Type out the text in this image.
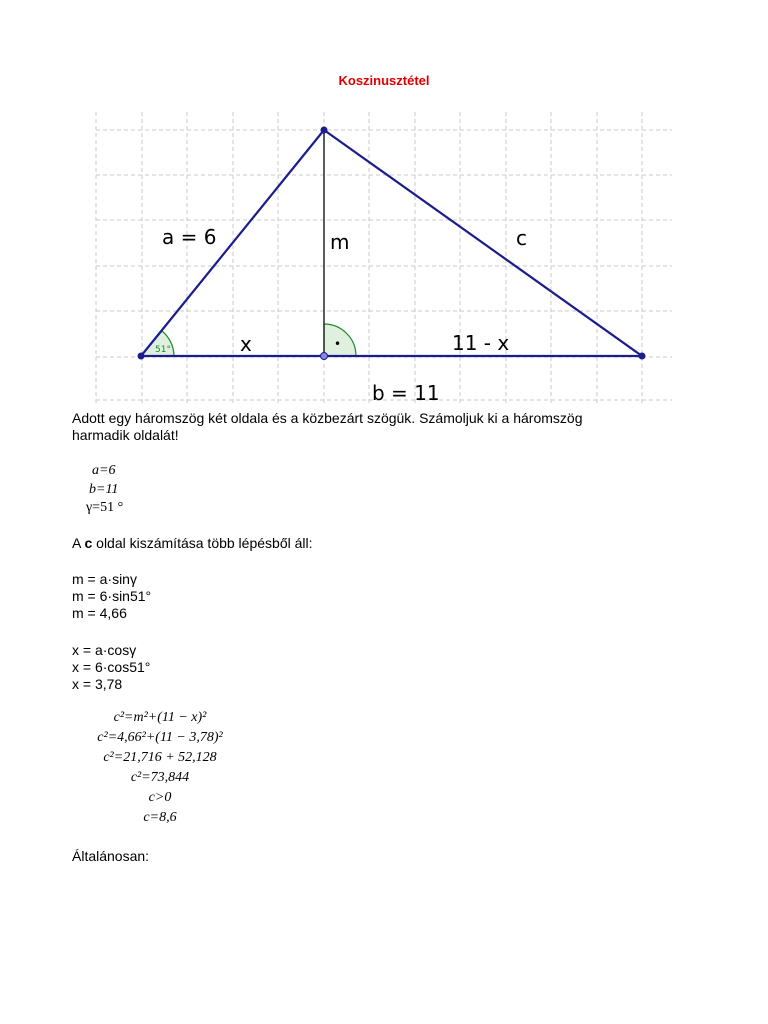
Koszinusztétel
a = 6	m	c
x	11 - x
b = 11
51°	•
Adott egy háromszög két oldala és a közbezárt szögük. Számoljuk ki a háromszög
harmadik oldalát!
a=6
b=11
γ=51 °
A c oldal kiszámítása több lépésből áll:
m = a·sinγ
m = 6·sin51°
m = 4,66
x = a·cosγ
x = 6·cos51°
x = 3,78
c²=m²+(11 − x)²
c²=4,66²+(11 − 3,78)²
c²=21,716 + 52,128
c²=73,844
c>0
c=8,6
Általánosan:
